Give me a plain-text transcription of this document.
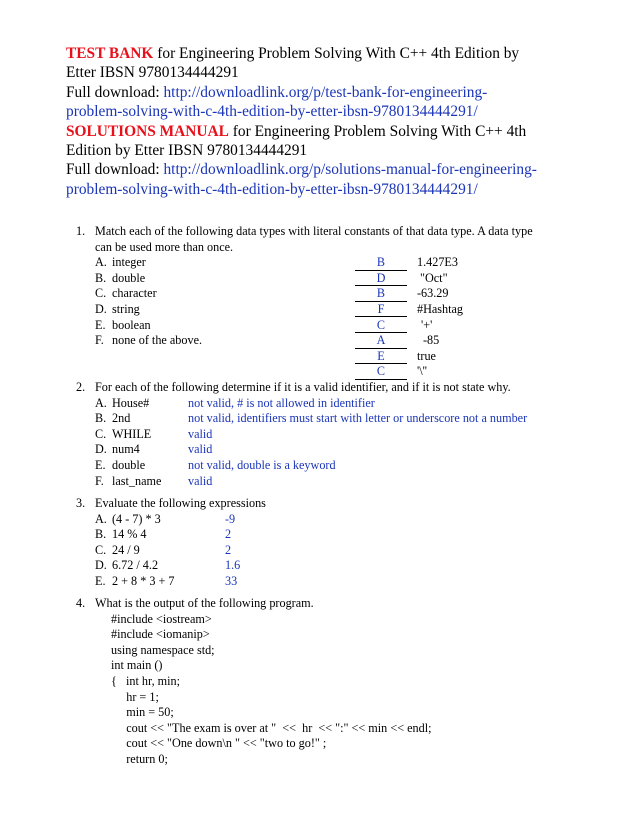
TEST BANK for Engineering Problem Solving With C++ 4th Edition by
Etter IBSN 9780134444291
Full download: http://downloadlink.org/p/test-bank-for-engineering-
problem-solving-with-c-4th-edition-by-etter-ibsn-9780134444291/
SOLUTIONS MANUAL for Engineering Problem Solving With C++ 4th
Edition by Etter IBSN 9780134444291
Full download: http://downloadlink.org/p/solutions-manual-for-engineering-
problem-solving-with-c-4th-edition-by-etter-ibsn-9780134444291/
1. Match each of the following data types with literal constants of that data type. A data type
can be used more than once.
A. integer
B. double
C. character
D. string
E. boolean
F. none of the above.
B	1.427E3
D	"Oct"
B	-63.29
F	#Hashtag
C	'+'
A	-85
E	true
C	'\''
2. For each of the following determine if it is a valid identifier, and if it is not state why.
A. House#	not valid, # is not allowed in identifier
B. 2nd	not valid, identifiers must start with letter or underscore not a number
C. WHILE	valid
D. num4	valid
E. double	not valid, double is a keyword
F. last_name valid
3. Evaluate the following expressions
A. (4 - 7) * 3	-9
B. 14 % 4	2
C. 24 / 9	2
D. 6.72 / 4.2	1.6
E. 2 + 8 * 3 + 7	33
4. What is the output of the following program.
#include <iostream>
#include <iomanip>
using namespace std;
int main ()
{   int hr, min;
hr = 1;
min = 50;
cout << "The exam is over at "  <<  hr  << ":" << min << endl;
cout << "One down\n " << "two to go!" ;
return 0;
